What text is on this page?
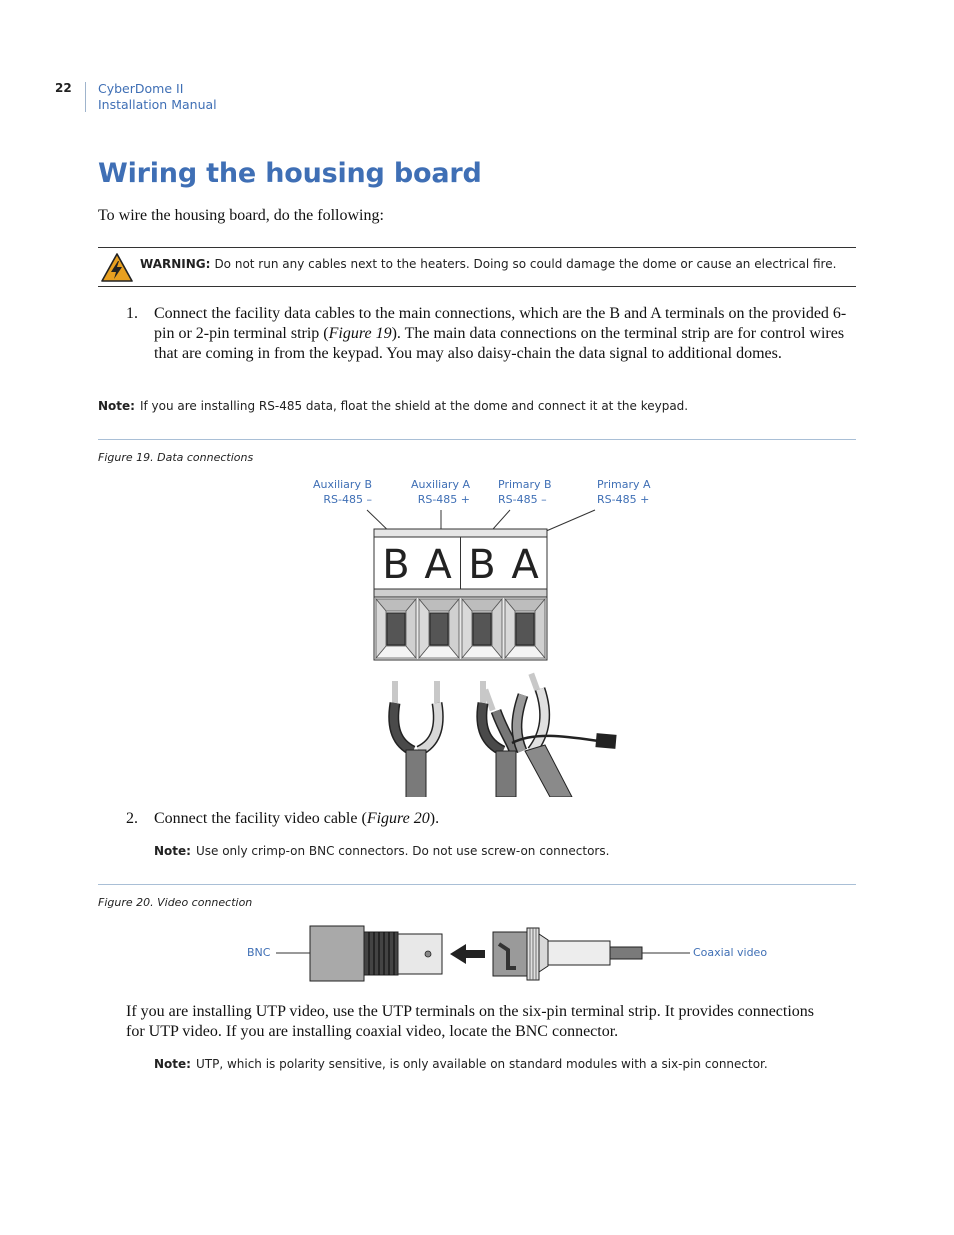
22 CyberDome II
Installation Manual
Wiring the housing board
To wire the housing board, do the following:
WARNING: Do not run any cables next to the heaters. Doing so could damage the dome or cause an electrical fire.
1. Connect the facility data cables to the main connections, which are the B and A terminals on the provided 6-pin or 2-pin terminal strip (Figure 19). The main data connections on the terminal strip are for control wires that are coming in from the keypad. You may also daisy-chain the data signal to additional domes.
Note: If you are installing RS-485 data, float the shield at the dome and connect it at the keypad.
Figure 19. Data connections
Auxiliary B
RS-485 –
Auxiliary A
RS-485 +
Primary B
RS-485 –
Primary A
RS-485 +
B A B A
2. Connect the facility video cable (Figure 20).
Note: Use only crimp-on BNC connectors. Do not use screw-on connectors.
Figure 20. Video connection
BNC	Coaxial video
If you are installing UTP video, use the UTP terminals on the six-pin terminal strip. It provides connections for UTP video. If you are installing coaxial video, locate the BNC connector.
Note: UTP, which is polarity sensitive, is only available on standard modules with a six-pin connector.
